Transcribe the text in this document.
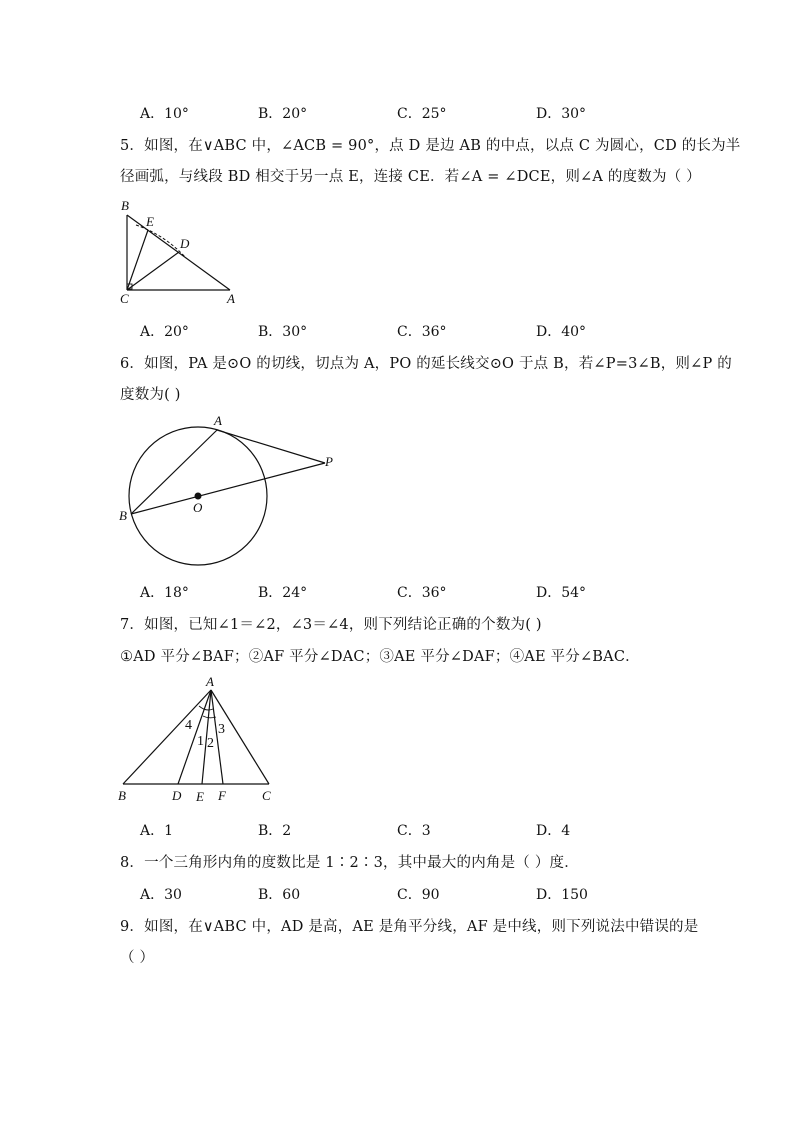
A．10°	B．20°	C．25°	D．30°
5．如图，在∨ABC 中，∠ACB = 90°，点 D 是边 AB 的中点，以点 C 为圆心，CD 的长为半
径画弧，与线段 BD 相交于另一点 E，连接 CE．若∠A = ∠DCE，则∠A 的度数为（ ）
B
E
D
C	A
A．20°	B．30°	C．36°	D．40°
6．如图，PA 是⊙O 的切线，切点为 A，PO 的延长线交⊙O 于点 B，若∠P=3∠B，则∠P 的
度数为( )
A
P
O
B
A．18°	B．24°	C．36°	D．54°
7．如图，已知∠1＝∠2，∠3＝∠4，则下列结论正确的个数为( )
①AD 平分∠BAF；②AF 平分∠DAC；③AE 平分∠DAF；④AE 平分∠BAC．
A
B	D E F	C
4
1 2
3
A．1	B．2	C．3	D．4
8．一个三角形内角的度数比是 1∶2∶3，其中最大的内角是（ ）度．
A．30	B．60	C．90	D．150
9．如图，在∨ABC 中，AD 是高，AE 是角平分线，AF 是中线，则下列说法中错误的是
（ ）
